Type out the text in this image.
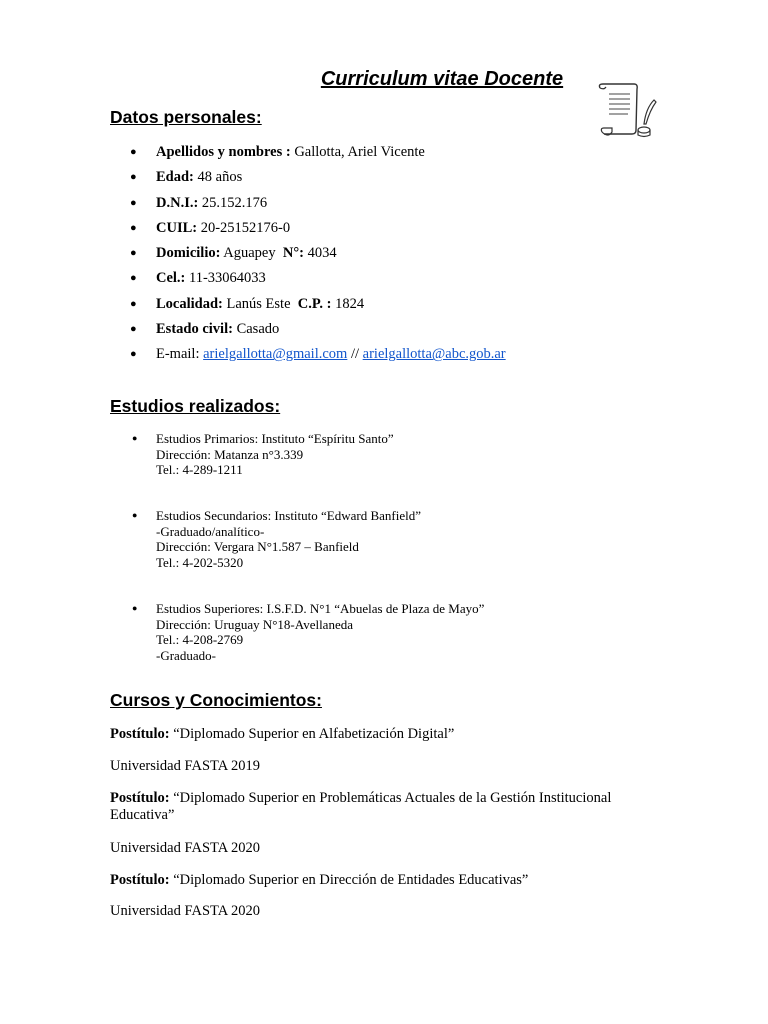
Curriculum vitae Docente
Datos personales:
● Apellidos y nombres : Gallotta, Ariel Vicente
● Edad: 48 años
● D.N.I.: 25.152.176
● CUIL: 20-25152176-0
● Domicilio: Aguapey  N°: 4034
● Cel.: 11-33064033
● Localidad: Lanús Este  C.P. : 1824
● Estado civil: Casado
● E-mail: arielgallotta@gmail.com // arielgallotta@abc.gob.ar
Estudios realizados:
● Estudios Primarios: Instituto “Espíritu Santo”
Dirección: Matanza n°3.339
Tel.: 4-289-1211
● Estudios Secundarios: Instituto “Edward Banfield”
-Graduado/analítico-
Dirección: Vergara N°1.587 – Banfield
Tel.: 4-202-5320
● Estudios Superiores: I.S.F.D. N°1 “Abuelas de Plaza de Mayo”
Dirección: Uruguay N°18-Avellaneda
Tel.: 4-208-2769
-Graduado-
Cursos y Conocimientos:
Postítulo: “Diplomado Superior en Alfabetización Digital”
Universidad FASTA 2019
Postítulo: “Diplomado Superior en Problemáticas Actuales de la Gestión Institucional Educativa”
Universidad FASTA 2020
Postítulo: “Diplomado Superior en Dirección de Entidades Educativas”
Universidad FASTA 2020
